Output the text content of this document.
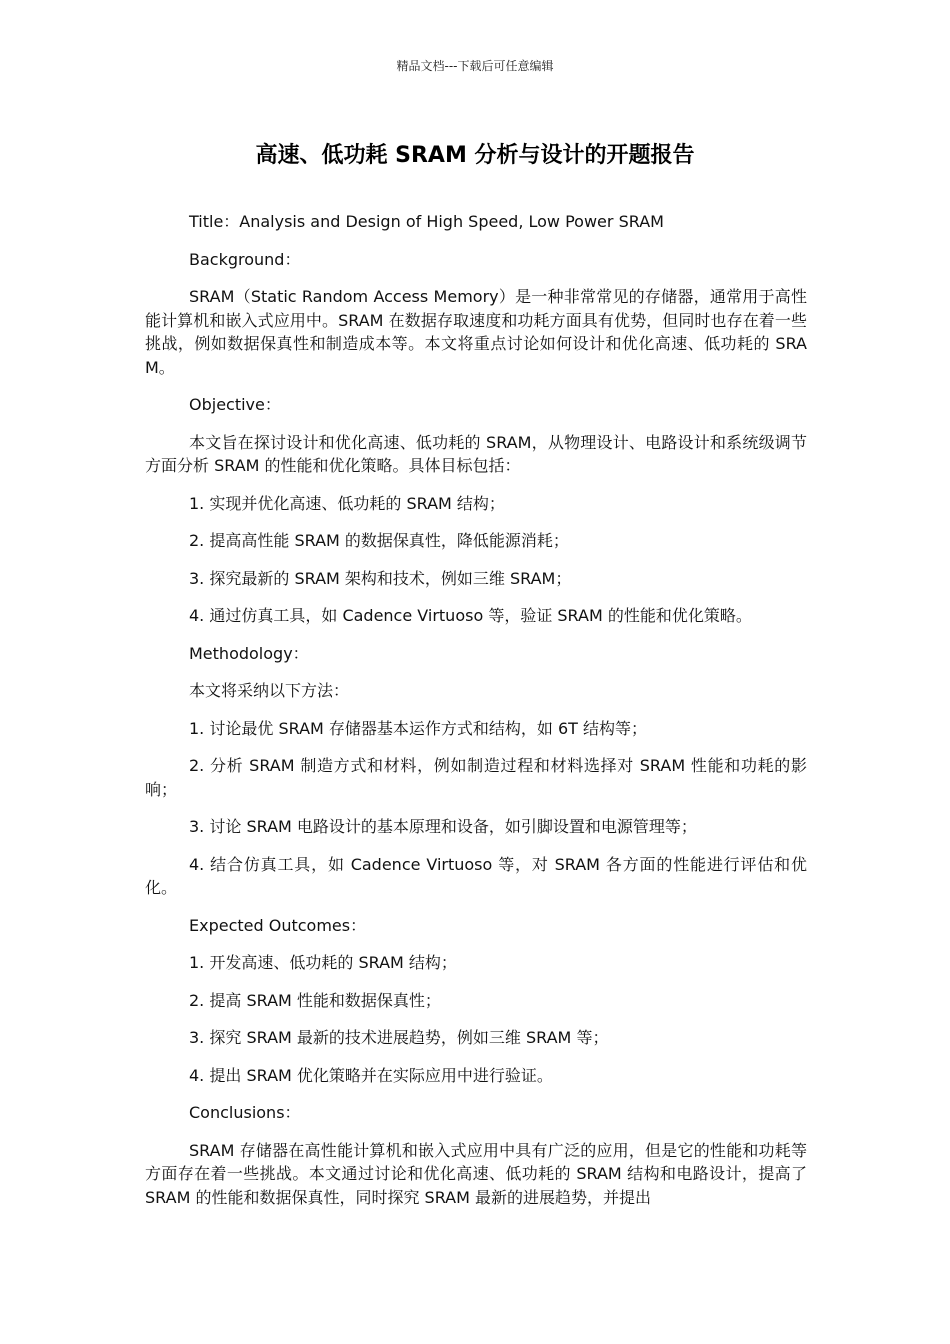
精品文档---下载后可任意编辑
高速、低功耗 SRAM 分析与设计的开题报告

Title：Analysis and Design of High Speed, Low Power SRAM

Background：

SRAM（Static Random Access Memory）是一种非常常见的存储器，通常用于高性能计算机和嵌入式应用中。SRAM 在数据存取速度和功耗方面具有优势，但同时也存在着一些挑战，例如数据保真性和制造成本等。本文将重点讨论如何设计和优化高速、低功耗的 SRAM。

Objective：

本文旨在探讨设计和优化高速、低功耗的 SRAM，从物理设计、电路设计和系统级调节方面分析 SRAM 的性能和优化策略。具体目标包括：

1. 实现并优化高速、低功耗的 SRAM 结构；

2. 提高高性能 SRAM 的数据保真性，降低能源消耗；

3. 探究最新的 SRAM 架构和技术，例如三维 SRAM；

4. 通过仿真工具，如 Cadence Virtuoso 等，验证 SRAM 的性能和优化策略。

Methodology：

本文将采纳以下方法：

1. 讨论最优 SRAM 存储器基本运作方式和结构，如 6T 结构等；

2. 分析 SRAM 制造方式和材料，例如制造过程和材料选择对 SRAM 性能和功耗的影响；

3. 讨论 SRAM 电路设计的基本原理和设备，如引脚设置和电源管理等；

4. 结合仿真工具，如 Cadence Virtuoso 等，对 SRAM 各方面的性能进行评估和优化。

Expected Outcomes：

1. 开发高速、低功耗的 SRAM 结构；

2. 提高 SRAM 性能和数据保真性；

3. 探究 SRAM 最新的技术进展趋势，例如三维 SRAM 等；

4. 提出 SRAM 优化策略并在实际应用中进行验证。

Conclusions：

SRAM 存储器在高性能计算机和嵌入式应用中具有广泛的应用，但是它的性能和功耗等方面存在着一些挑战。本文通过讨论和优化高速、低功耗的 SRAM 结构和电路设计，提高了 SRAM 的性能和数据保真性，同时探究 SRAM 最新的进展趋势，并提出
